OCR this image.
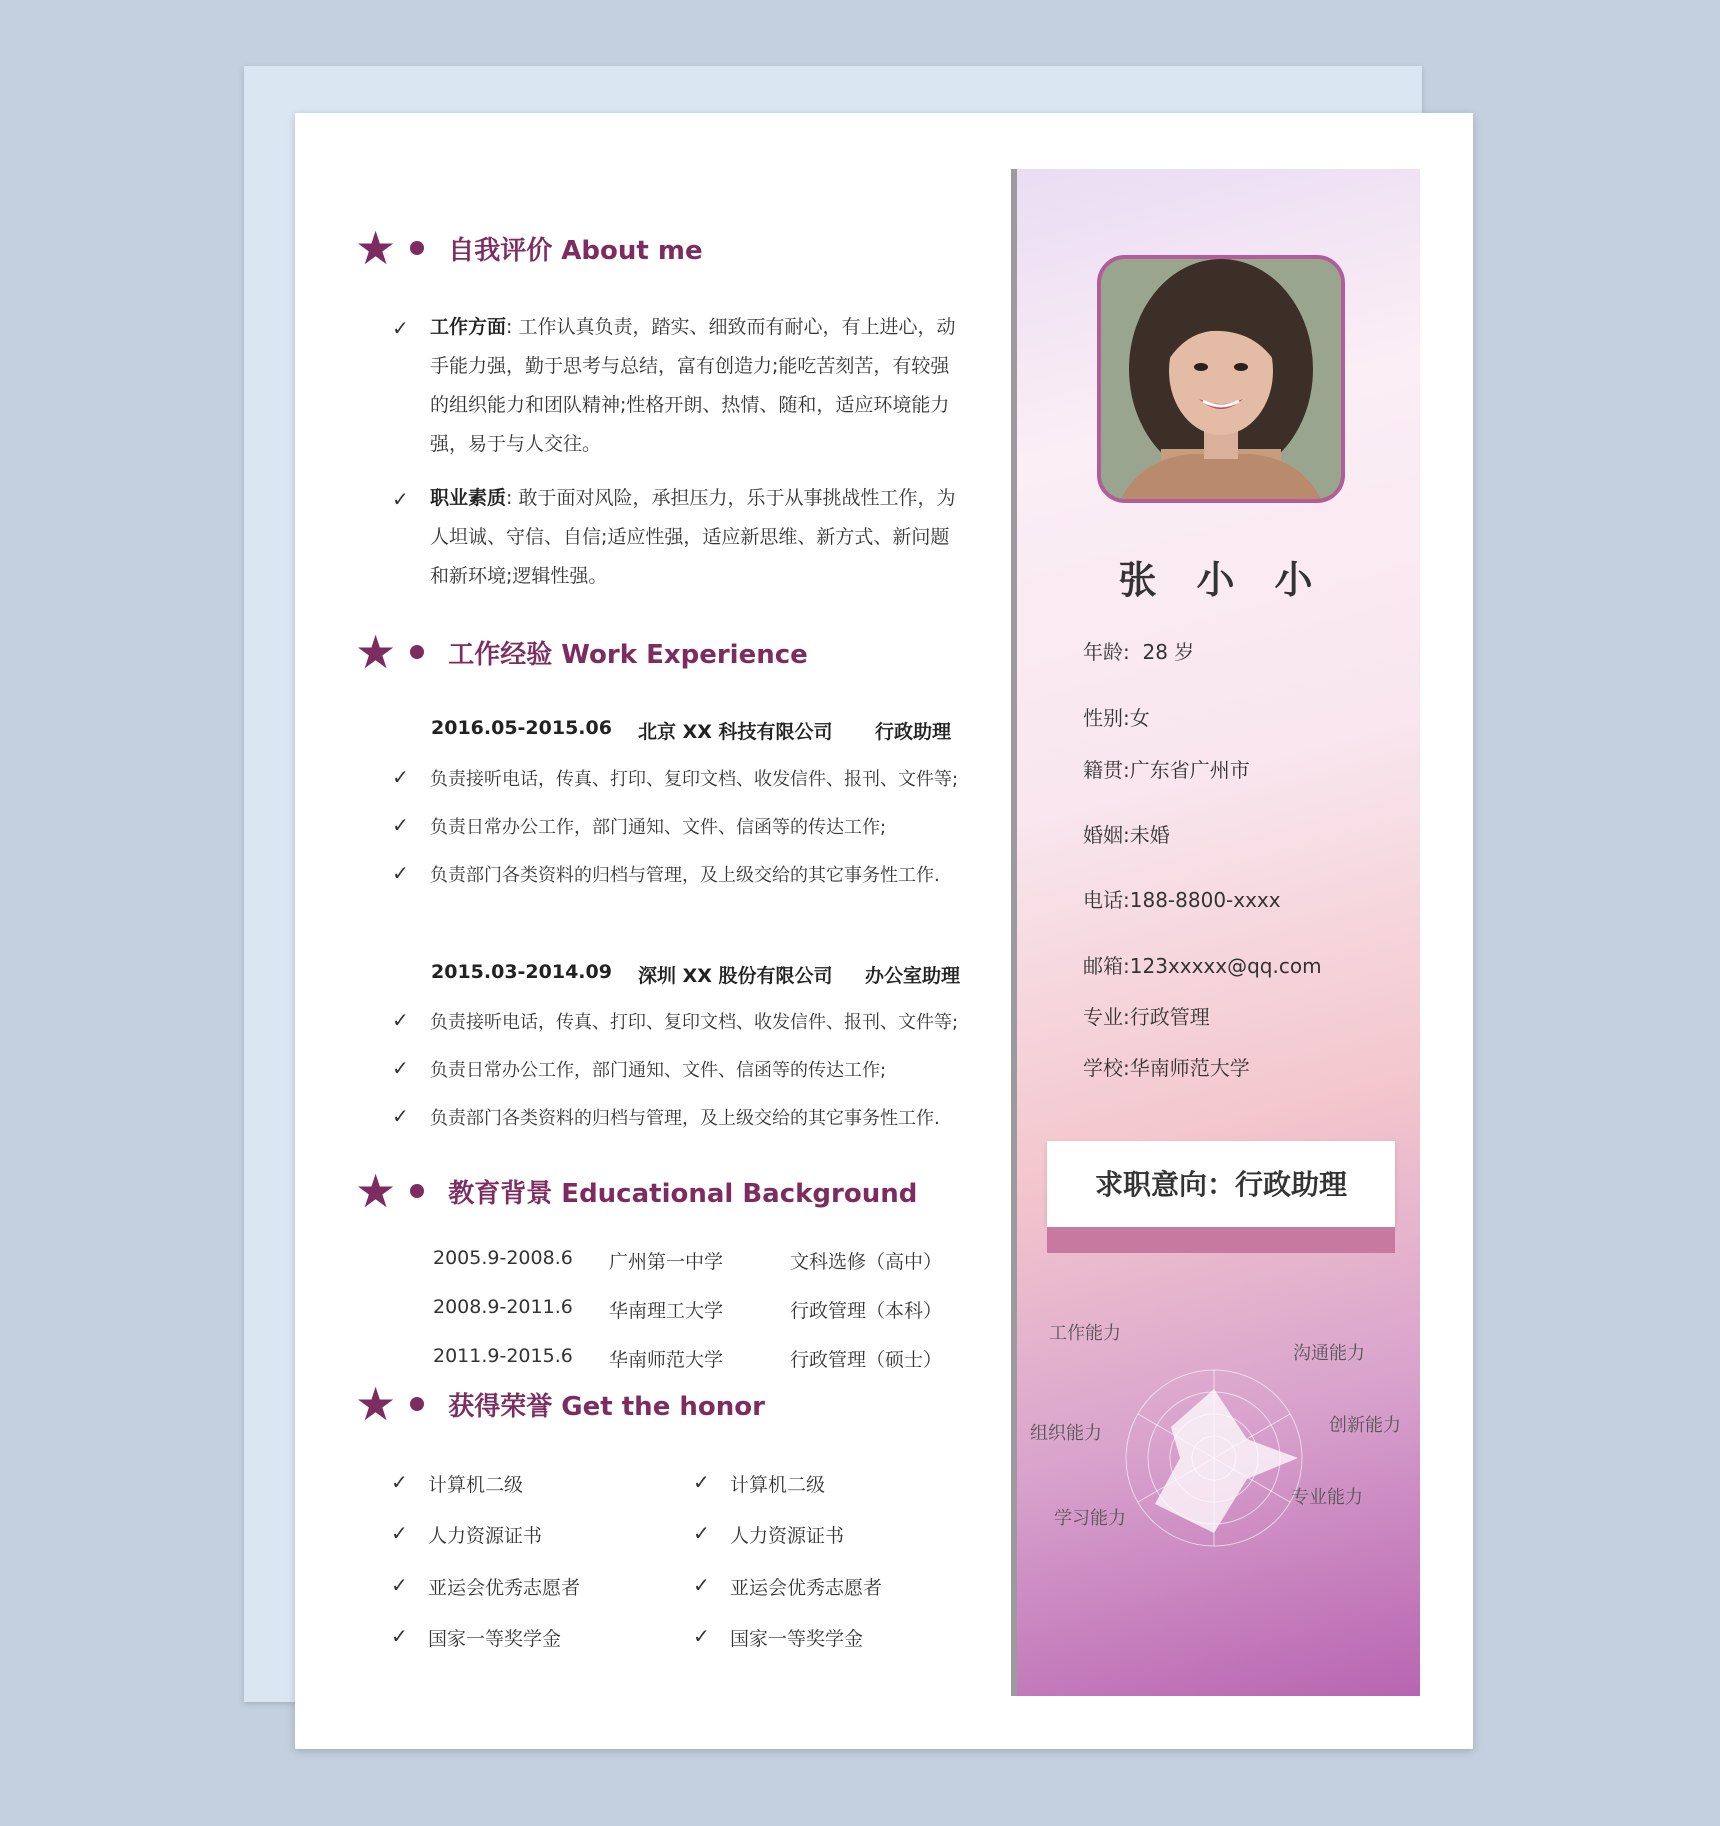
★ 自我评价 About me
✓ 工作方面: 工作认真负责，踏实、细致而有耐心，有上进心，动手能力强，勤于思考与总结，富有创造力;能吃苦刻苦，有较强的组织能力和团队精神;性格开朗、热情、随和，适应环境能力强，易于与人交往。
✓ 职业素质: 敢于面对风险，承担压力，乐于从事挑战性工作，为人坦诚、守信、自信;适应性强，适应新思维、新方式、新问题和新环境;逻辑性强。
★ 工作经验 Work Experience
2016.05-2015.06 北京 XX 科技有限公司 行政助理
✓ 负责接听电话，传真、打印、复印文档、收发信件、报刊、文件等;
✓ 负责日常办公工作，部门通知、文件、信函等的传达工作;
✓ 负责部门各类资料的归档与管理，及上级交给的其它事务性工作.
2015.03-2014.09 深圳 XX 股份有限公司 办公室助理
✓ 负责接听电话，传真、打印、复印文档、收发信件、报刊、文件等;
✓ 负责日常办公工作，部门通知、文件、信函等的传达工作;
✓ 负责部门各类资料的归档与管理，及上级交给的其它事务性工作.
★ 教育背景 Educational Background
2005.9-2008.6 广州第一中学	文科选修（高中）
2008.9-2011.6 华南理工大学	行政管理（本科）
2011.9-2015.6 华南师范大学	行政管理（硕士）
★ 获得荣誉 Get the honor
✓ 计算机二级
✓ 人力资源证书
✓ 亚运会优秀志愿者
✓ 国家一等奖学金
✓ 计算机二级
✓ 人力资源证书
✓ 亚运会优秀志愿者
✓ 国家一等奖学金
张小小
年龄: 28 岁
性别:女
籍贯:广东省广州市
婚姻:未婚
电话:188-8800-xxxx
邮箱:123xxxxx@qq.com
专业:行政管理
学校:华南师范大学
求职意向：行政助理
工作能力
沟通能力
创新能力
专业能力
学习能力
组织能力
